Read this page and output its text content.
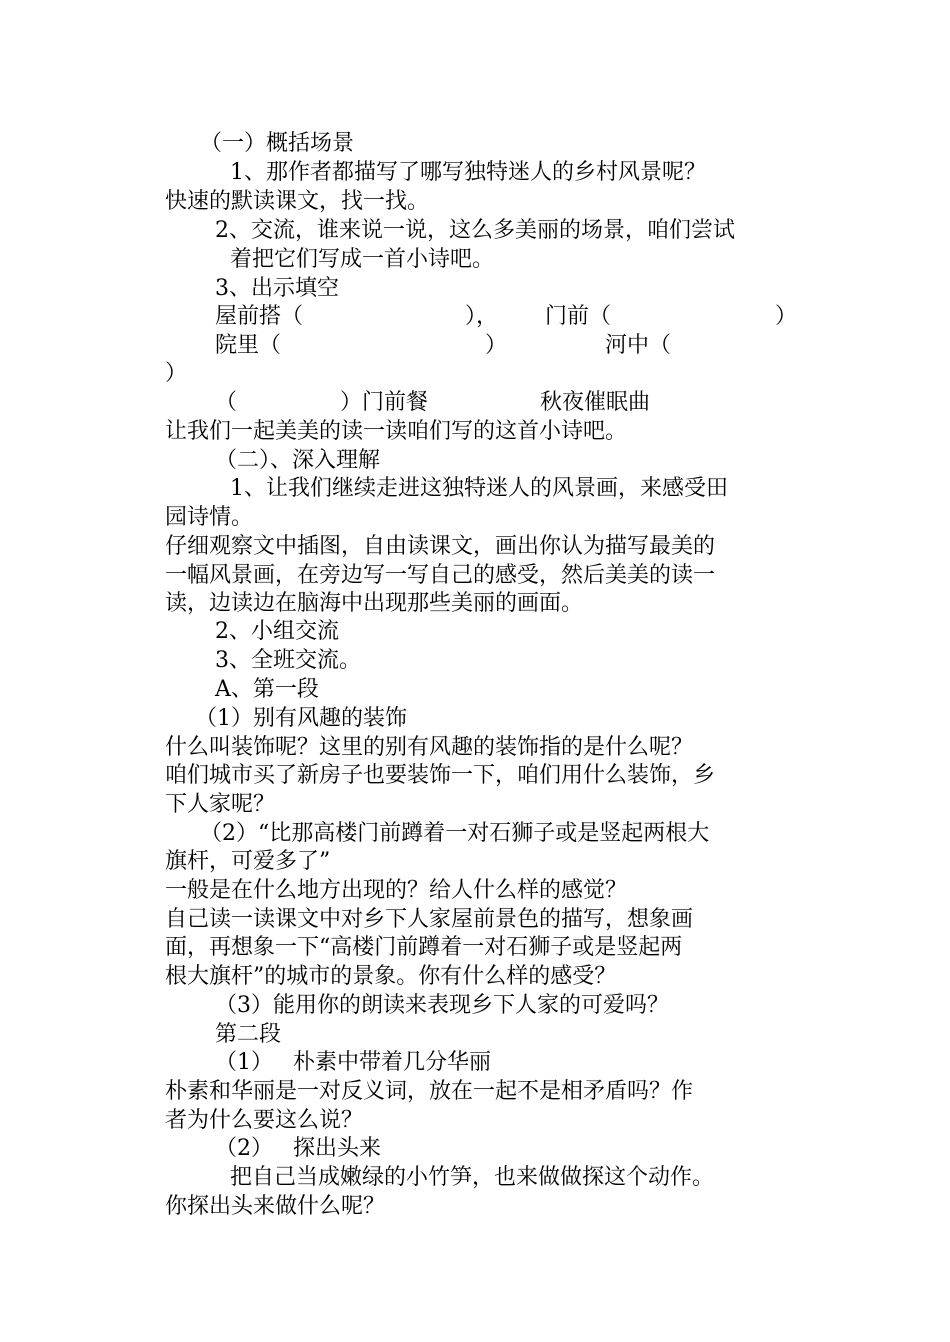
（一）概括场景
1、那作者都描写了哪写独特迷人的乡村风景呢？
快速的默读课文，找一找。
2、交流，谁来说一说，这么多美丽的场景，咱们尝试
着把它们写成一首小诗吧。
3、出示填空
屋前搭（	）， 门前（	）
院里（	）	河中（
）
（	）门前餐	秋夜催眠曲
让我们一起美美的读一读咱们写的这首小诗吧。
（二）、深入理解
1、让我们继续走进这独特迷人的风景画，来感受田
园诗情。
仔细观察文中插图，自由读课文，画出你认为描写最美的
一幅风景画，在旁边写一写自己的感受，然后美美的读一
读，边读边在脑海中出现那些美丽的画面。
2、小组交流
3、全班交流。
A、第一段
（1）别有风趣的装饰
什么叫装饰呢？这里的别有风趣的装饰指的是什么呢？
咱们城市买了新房子也要装饰一下，咱们用什么装饰，乡
下人家呢？
（2）“比那高楼门前蹲着一对石狮子或是竖起两根大
旗杆，可爱多了”
一般是在什么地方出现的？给人什么样的感觉？
自己读一读课文中对乡下人家屋前景色的描写，想象画
面，再想象一下“高楼门前蹲着一对石狮子或是竖起两
根大旗杆”的城市的景象。你有什么样的感受？
（3）能用你的朗读来表现乡下人家的可爱吗？
第二段
（1） 朴素中带着几分华丽
朴素和华丽是一对反义词，放在一起不是相矛盾吗？作
者为什么要这么说？
（2） 探出头来
把自己当成嫩绿的小竹笋，也来做做探这个动作。
你探出头来做什么呢？
